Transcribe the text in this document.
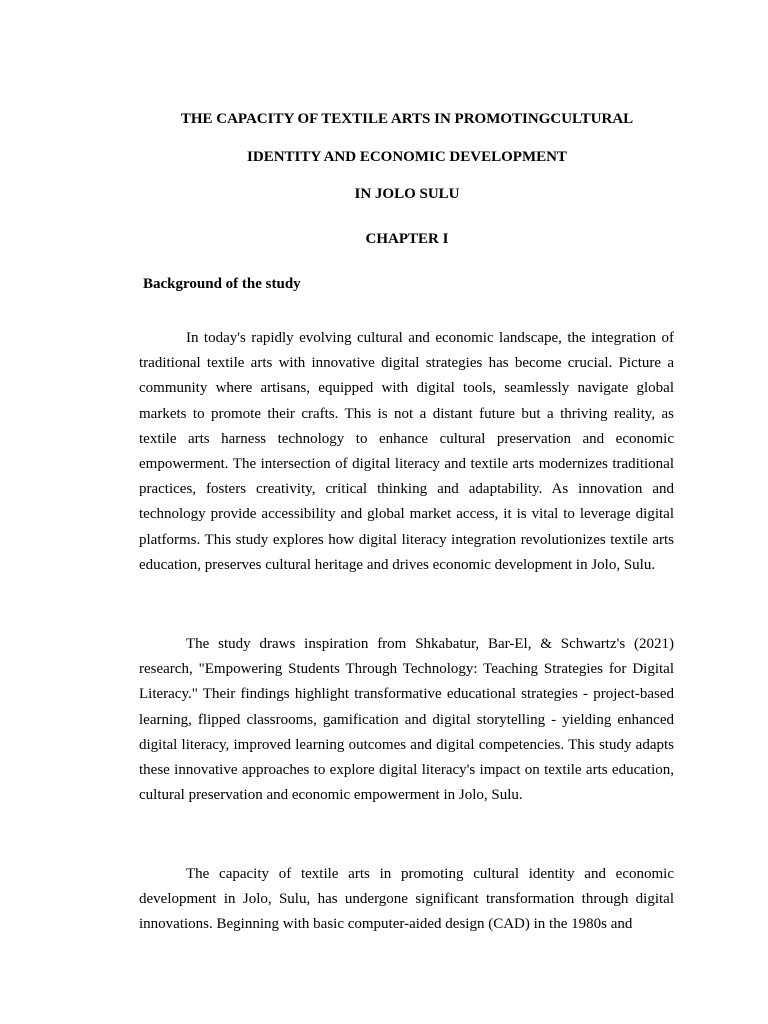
THE CAPACITY OF TEXTILE ARTS IN PROMOTINGCULTURAL
IDENTITY AND ECONOMIC DEVELOPMENT
IN JOLO SULU
CHAPTER I
Background of the study

In today's rapidly evolving cultural and economic landscape, the integration of traditional textile arts with innovative digital strategies has become crucial. Picture a community where artisans, equipped with digital tools, seamlessly navigate global markets to promote their crafts. This is not a distant future but a thriving reality, as textile arts harness technology to enhance cultural preservation and economic empowerment. The intersection of digital literacy and textile arts modernizes traditional practices, fosters creativity, critical thinking and adaptability. As innovation and technology provide accessibility and global market access, it is vital to leverage digital platforms. This study explores how digital literacy integration revolutionizes textile arts education, preserves cultural heritage and drives economic development in Jolo, Sulu.

The study draws inspiration from Shkabatur, Bar-El, & Schwartz's (2021) research, "Empowering Students Through Technology: Teaching Strategies for Digital Literacy." Their findings highlight transformative educational strategies - project-based learning, flipped classrooms, gamification and digital storytelling - yielding enhanced digital literacy, improved learning outcomes and digital competencies. This study adapts these innovative approaches to explore digital literacy's impact on textile arts education, cultural preservation and economic empowerment in Jolo, Sulu.

The capacity of textile arts in promoting cultural identity and economic development in Jolo, Sulu, has undergone significant transformation through digital innovations. Beginning with basic computer-aided design (CAD) in the 1980s and
